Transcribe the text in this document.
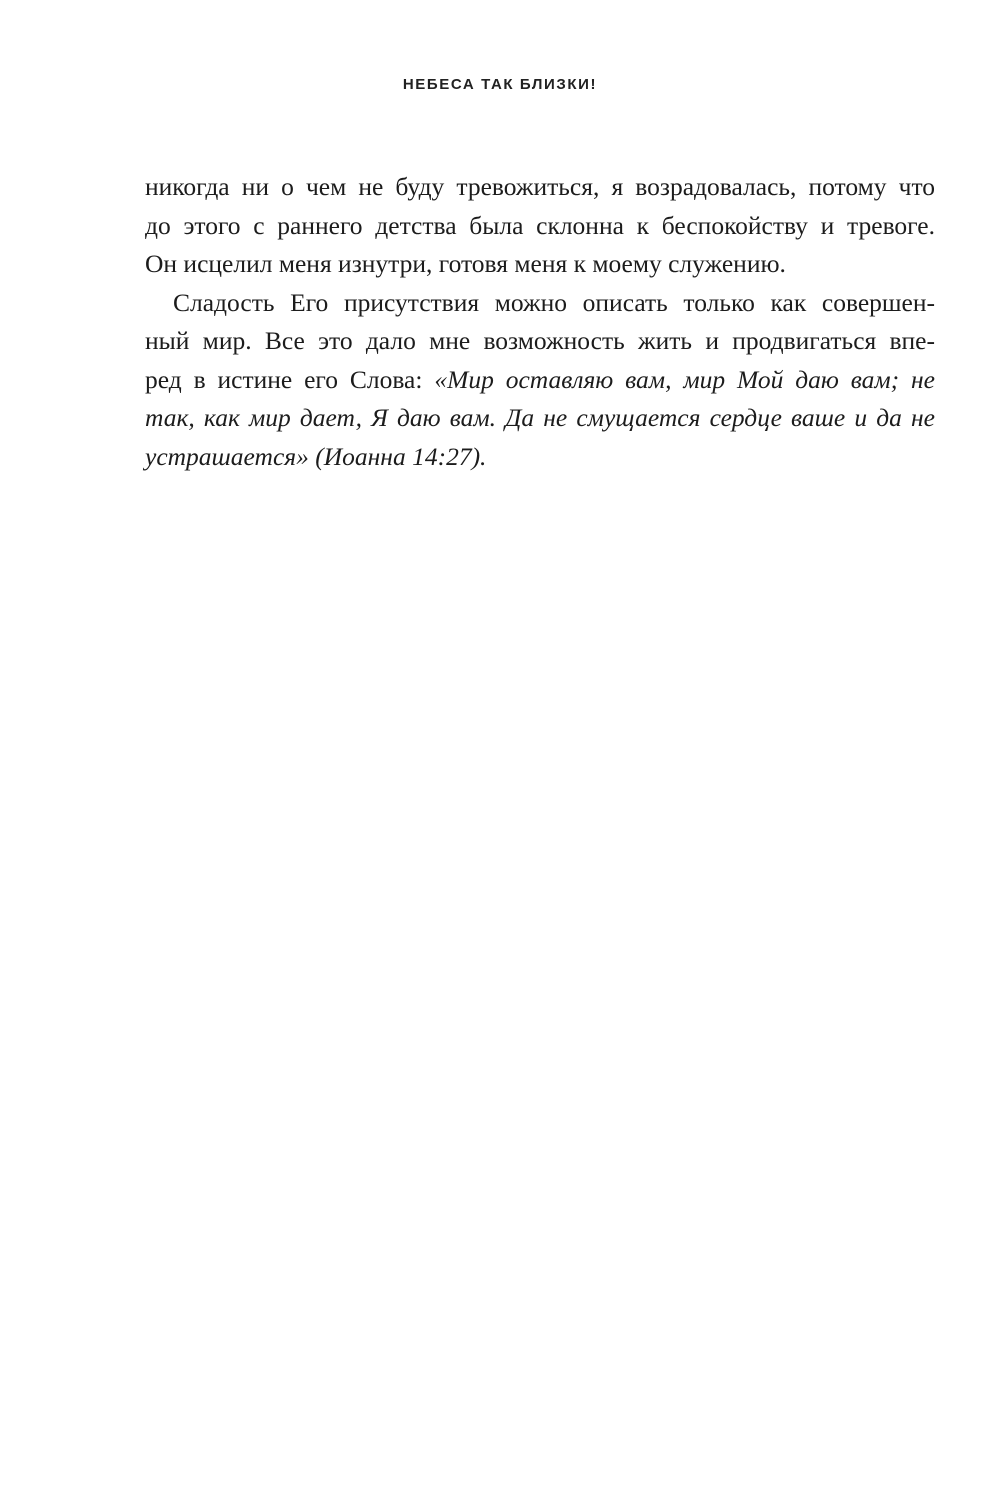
НЕБЕСА ТАК БЛИЗКИ!

никогда ни о чем не буду тревожиться, я возрадовалась, потому что
до этого с раннего детства была склонна к беспокойству и тревоге.
Он исцелил меня изнутри, готовя меня к моему служению.

Сладость Его присутствия можно описать только как совершен-
ный мир. Все это дало мне возможность жить и продвигаться впе-
ред в истине его Слова: «Мир оставляю вам, мир Мой даю вам; не
так, как мир дает, Я даю вам. Да не смущается сердце ваше и да не
устрашается» (Иоанна 14:27).
